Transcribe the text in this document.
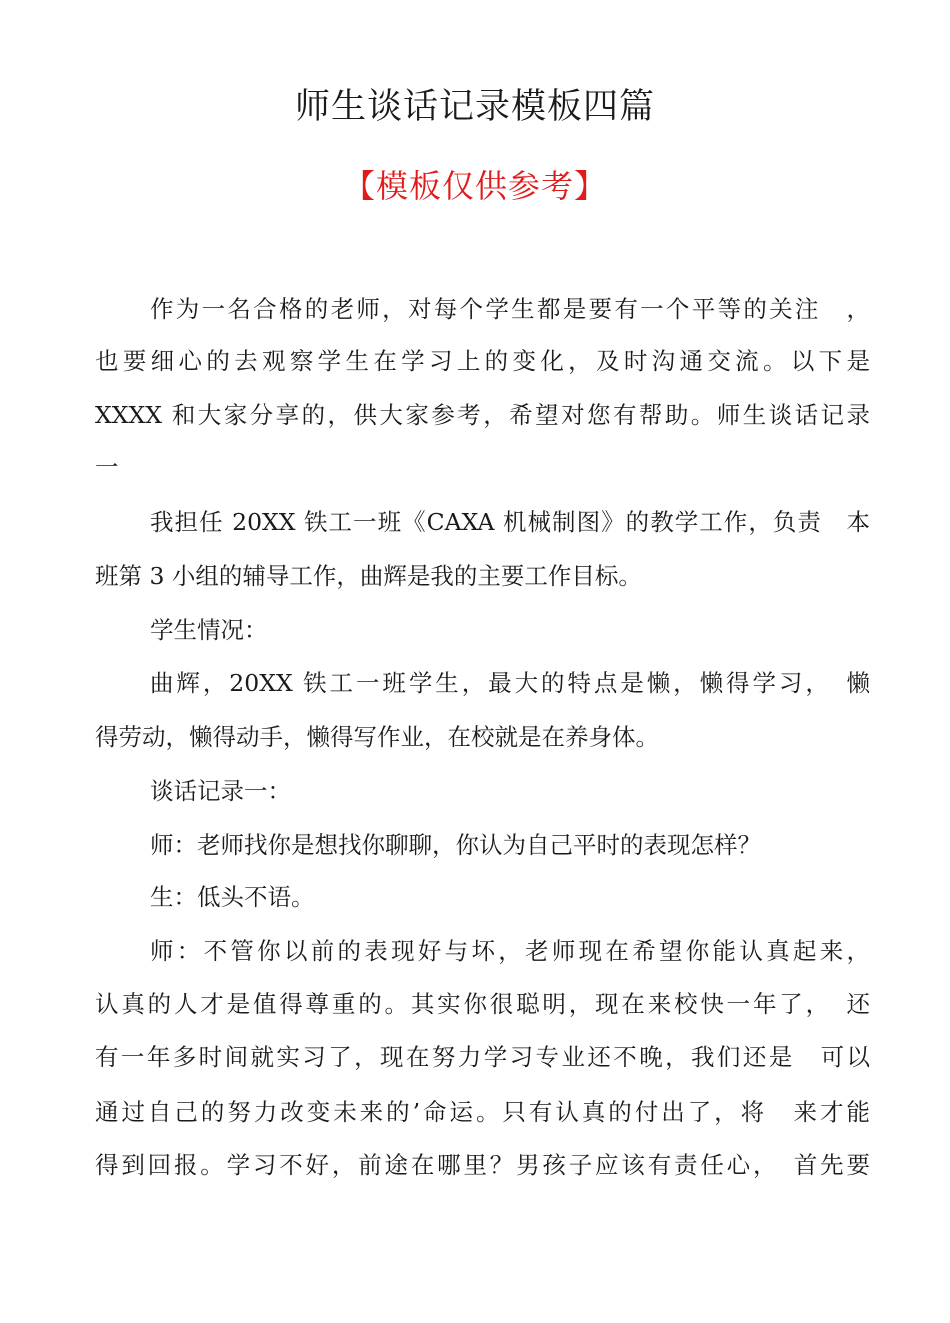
师生谈话记录模板四篇
【模板仅供参考】
作为一名合格的老师，对每个学生都是要有一个平等的关注　，
也要细心的去观察学生在学习上的变化，及时沟通交流。以下是
XXXX 和大家分享的，供大家参考，希望对您有帮助。师生谈话记录
一
我担任 20XX 铁工一班《CAXA 机械制图》的教学工作，负责　本
班第 3 小组的辅导工作，曲辉是我的主要工作目标。
学生情况：
曲辉，20XX 铁工一班学生，最大的特点是懒，懒得学习，　懒
得劳动，懒得动手，懒得写作业，在校就是在养身体。
谈话记录一：
师：老师找你是想找你聊聊，你认为自己平时的表现怎样？
生：低头不语。
师：不管你以前的表现好与坏，老师现在希望你能认真起来，
认真的人才是值得尊重的。其实你很聪明，现在来校快一年了，　还
有一年多时间就实习了，现在努力学习专业还不晚，我们还是　可以
通过自己的努力改变未来的’命运。只有认真的付出了，将　来才能
得到回报。学习不好，前途在哪里？男孩子应该有责任心，　首先要
